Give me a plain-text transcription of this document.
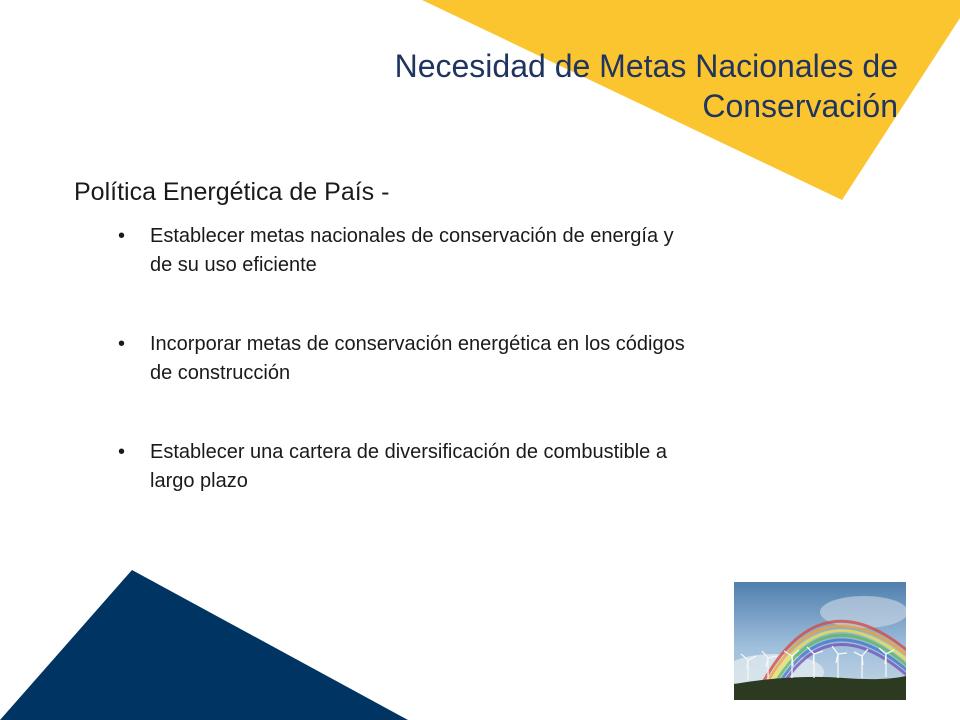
Necesidad de Metas Nacionales de
Conservación
Política Energética de País -
• Establecer metas nacionales de conservación de energía y
de su uso eficiente
• Incorporar metas de conservación energética en los códigos
de construcción
• Establecer una cartera de diversificación de combustible a
largo plazo
